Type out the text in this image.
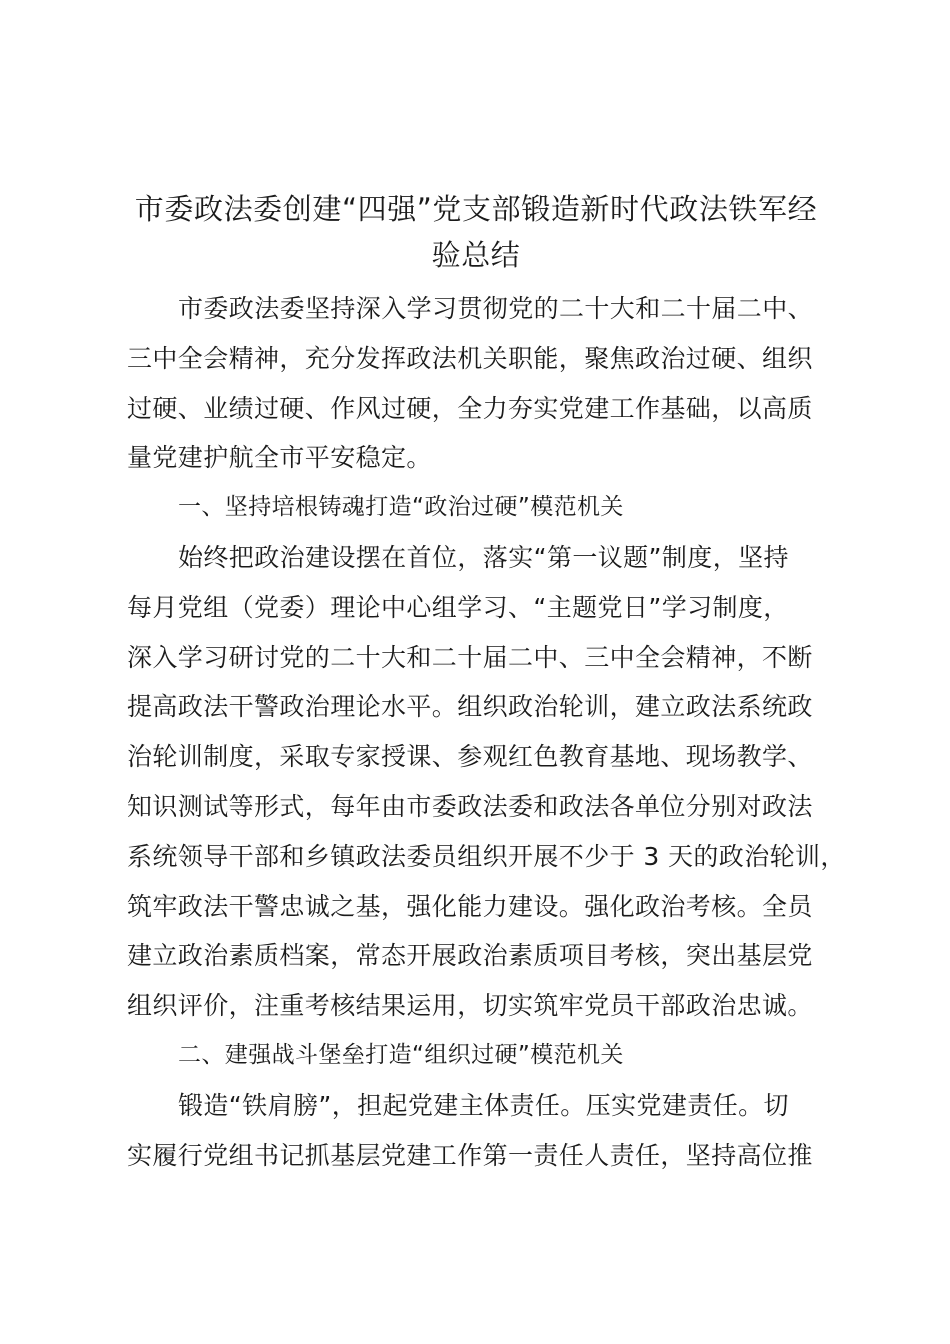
市委政法委创建“四强”党支部锻造新时代政法铁军经
验总结
市委政法委坚持深入学习贯彻党的二十大和二十届二中、
三中全会精神，充分发挥政法机关职能，聚焦政治过硬、组织
过硬、业绩过硬、作风过硬，全力夯实党建工作基础，以高质
量党建护航全市平安稳定。
一、坚持培根铸魂打造“政治过硬”模范机关
始终把政治建设摆在首位，落实“第一议题”制度，坚持
每月党组（党委）理论中心组学习、“主题党日”学习制度，
深入学习研讨党的二十大和二十届二中、三中全会精神，不断
提高政法干警政治理论水平。组织政治轮训，建立政法系统政
治轮训制度，采取专家授课、参观红色教育基地、现场教学、
知识测试等形式，每年由市委政法委和政法各单位分别对政法
系统领导干部和乡镇政法委员组织开展不少于 3 天的政治轮训，
筑牢政法干警忠诚之基，强化能力建设。强化政治考核。全员
建立政治素质档案，常态开展政治素质项目考核，突出基层党
组织评价，注重考核结果运用，切实筑牢党员干部政治忠诚。
二、建强战斗堡垒打造“组织过硬”模范机关
锻造“铁肩膀”，担起党建主体责任。压实党建责任。切
实履行党组书记抓基层党建工作第一责任人责任，坚持高位推
